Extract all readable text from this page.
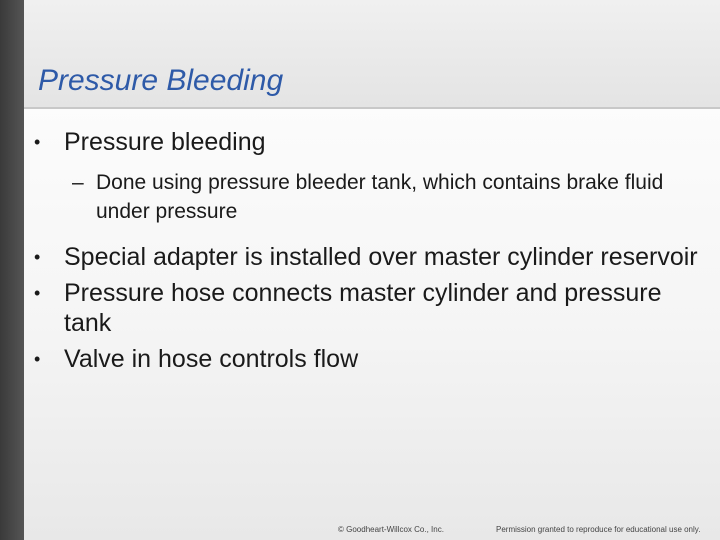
Pressure Bleeding
• Pressure bleeding
– Done using pressure bleeder tank, which contains brake fluid under pressure
• Special adapter is installed over master cylinder reservoir
• Pressure hose connects master cylinder and pressure tank
• Valve in hose controls flow
© Goodheart-Willcox Co., Inc.	Permission granted to reproduce for educational use only.
